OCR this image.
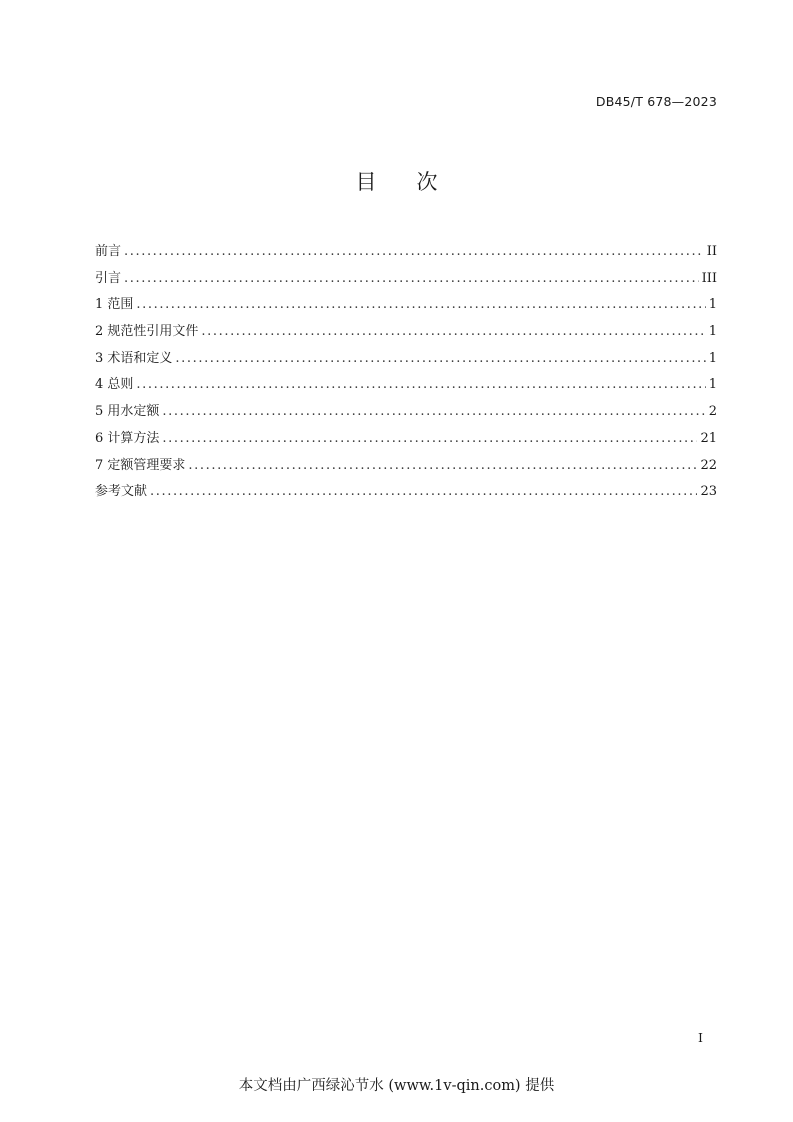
DB45/T 678—2023
目 次
前言 .....	II
引言 .....	III
1 范围 .....	1
2 规范性引用文件 .....	1
3 术语和定义 .....	1
4 总则 .....	1
5 用水定额 .....	2
6 计算方法 .....	21
7 定额管理要求 .....	22
参考文献 .....	23
I
本文档由广西绿沁节水 (www.1v-qin.com) 提供
